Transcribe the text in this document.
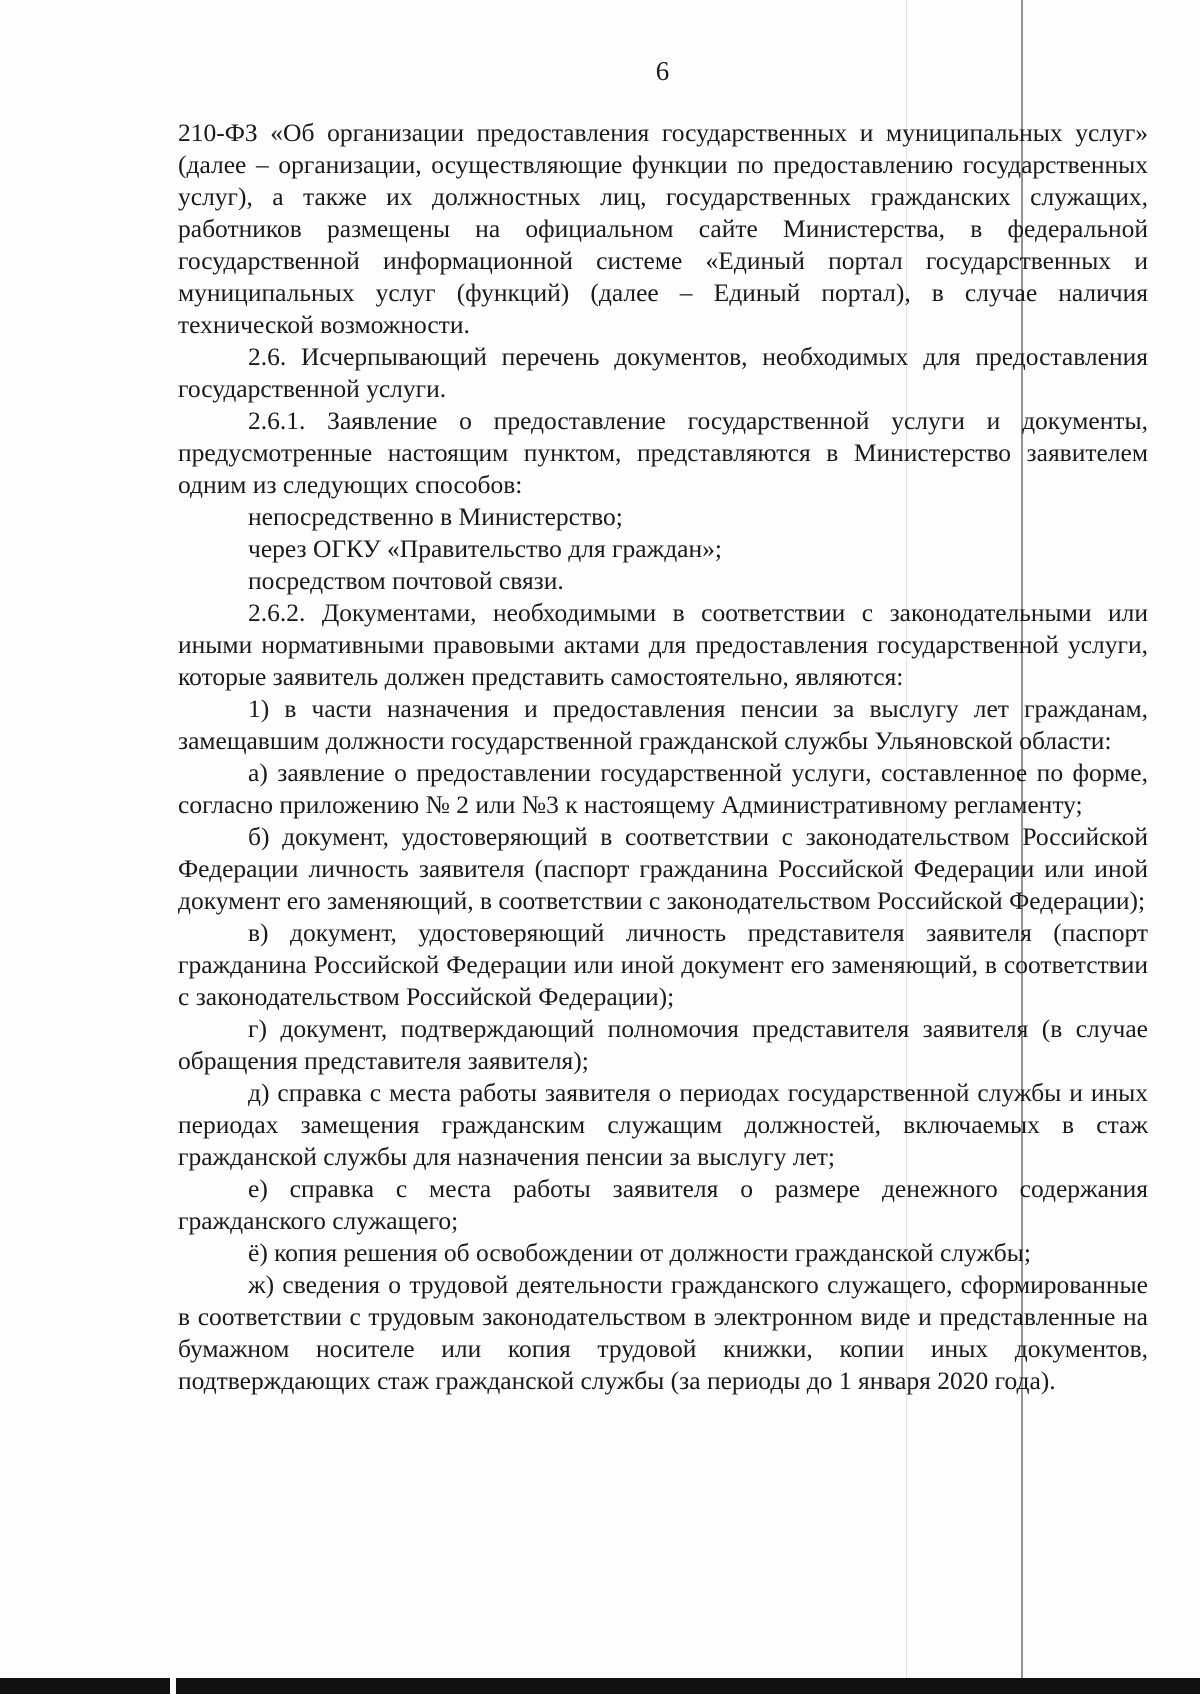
6

210-ФЗ «Об организации предоставления государственных и муниципальных услуг» (далее – организации, осуществляющие функции по предоставлению государственных услуг), а также их должностных лиц, государственных гражданских служащих, работников размещены на официальном сайте Министерства, в федеральной государственной информационной системе «Единый портал государственных и муниципальных услуг (функций) (далее – Единый портал), в случае наличия технической возможности.

2.6. Исчерпывающий перечень документов, необходимых для предоставления государственной услуги.

2.6.1. Заявление о предоставление государственной услуги и документы, предусмотренные настоящим пунктом, представляются в Министерство заявителем одним из следующих способов:

непосредственно в Министерство;

через ОГКУ «Правительство для граждан»;

посредством почтовой связи.

2.6.2. Документами, необходимыми в соответствии с законодательными или иными нормативными правовыми актами для предоставления государственной услуги, которые заявитель должен представить самостоятельно, являются:

1) в части назначения и предоставления пенсии за выслугу лет гражданам, замещавшим должности государственной гражданской службы Ульяновской области:

а) заявление о предоставлении государственной услуги, составленное по форме, согласно приложению № 2 или №3 к настоящему Административному регламенту;

б) документ, удостоверяющий в соответствии с законодательством Российской Федерации личность заявителя (паспорт гражданина Российской Федерации или иной документ его заменяющий, в соответствии с законодательством Российской Федерации);

в) документ, удостоверяющий личность представителя заявителя (паспорт гражданина Российской Федерации или иной документ его заменяющий, в соответствии с законодательством Российской Федерации);

г) документ, подтверждающий полномочия представителя заявителя (в случае обращения представителя заявителя);

д) справка с места работы заявителя о периодах государственной службы и иных периодах замещения гражданским служащим должностей, включаемых в стаж гражданской службы для назначения пенсии за выслугу лет;

е) справка с места работы заявителя о размере денежного содержания гражданского служащего;

ё) копия решения об освобождении от должности гражданской службы;

ж) сведения о трудовой деятельности гражданского служащего, сформированные в соответствии с трудовым законодательством в электронном виде и представленные на бумажном носителе или копия трудовой книжки, копии иных документов, подтверждающих стаж гражданской службы (за периоды до 1 января 2020 года).
